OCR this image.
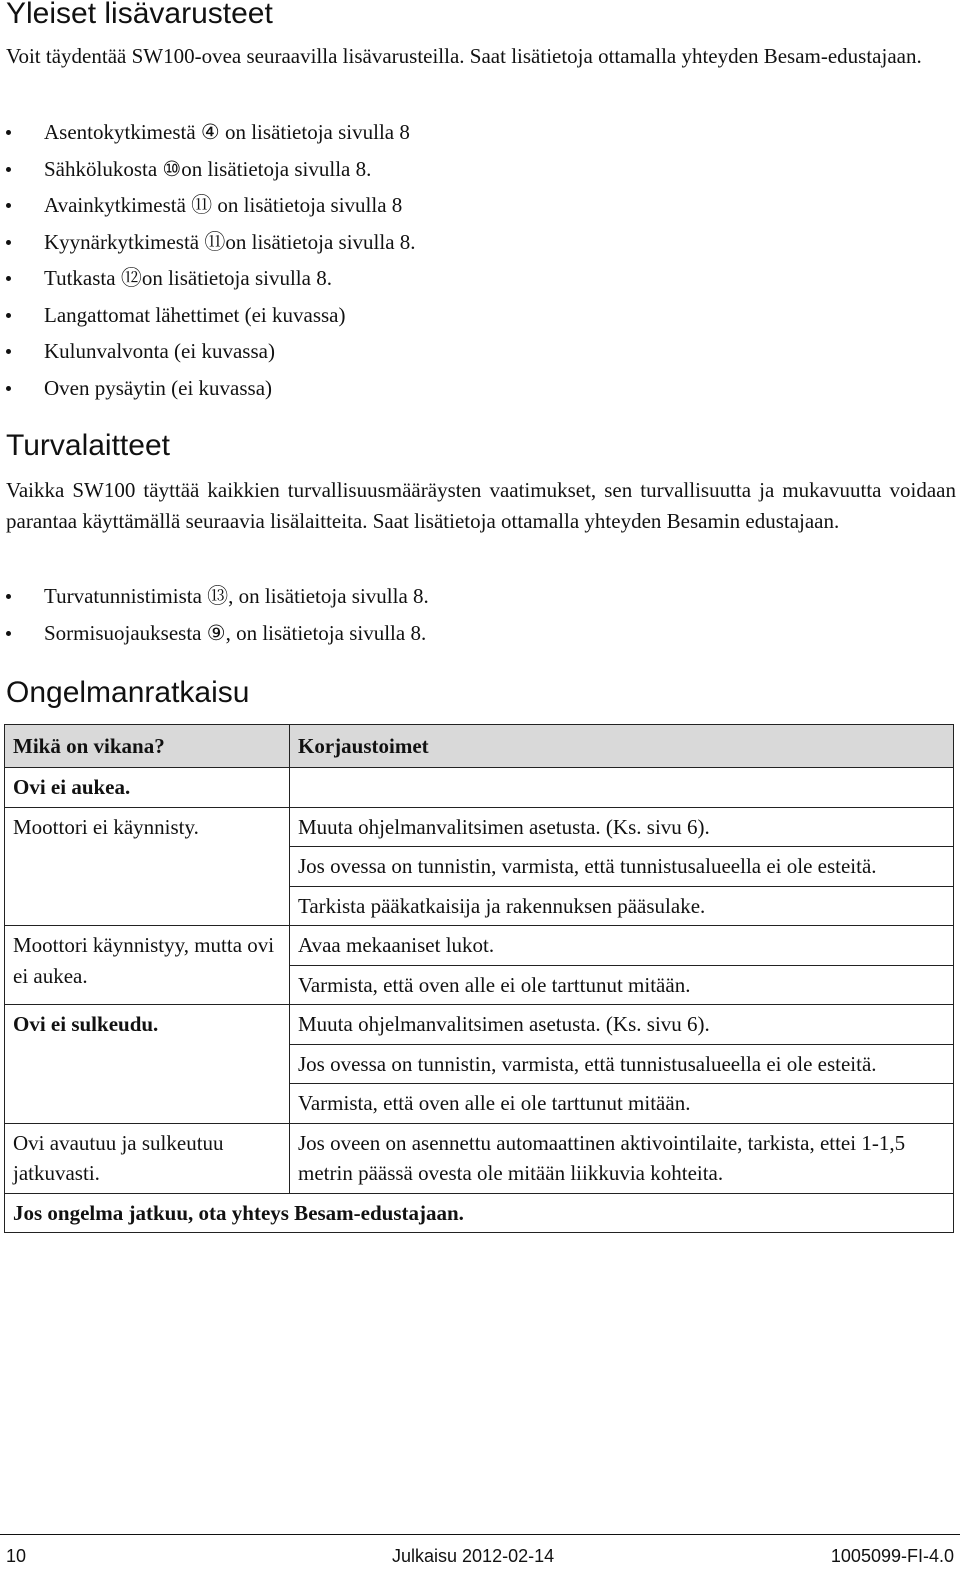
Yleiset lisävarusteet

Voit täydentää SW100-ovea seuraavilla lisävarusteilla. Saat lisätietoja ottamalla yhteyden Besam-edustajaan.

Asentokytkimestä ④ on lisätietoja sivulla 8
Sähkölukosta ⑩on lisätietoja sivulla 8.
Avainkytkimestä ⑪ on lisätietoja sivulla 8
Kyynärkytkimestä ⑪on lisätietoja sivulla 8.
Tutkasta ⑫on lisätietoja sivulla 8.
Langattomat lähettimet (ei kuvassa)
Kulunvalvonta (ei kuvassa)
Oven pysäytin (ei kuvassa)
Turvalaitteet

Vaikka SW100 täyttää kaikkien turvallisuusmääräysten vaatimukset, sen turvallisuutta ja mukavuutta voidaan parantaa käyttämällä seuraavia lisälaitteita. Saat lisätietoja ottamalla yhteyden Besamin edustajaan.

Turvatunnistimista ⑬, on lisätietoja sivulla 8.
Sormisuojauksesta ⑨, on lisätietoja sivulla 8.
Ongelmanratkaisu
Mikä on vikana?	Korjaustoimet
Ovi ei aukea.	
Moottori ei käynnisty.	Muuta ohjelmanvalitsimen asetusta. (Ks. sivu 6).
	Jos ovessa on tunnistin, varmista, että tunnistusalueella ei ole esteitä.
	Tarkista pääkatkaisija ja rakennuksen pääsulake.
Moottori käynnistyy, mutta ovi ei aukea.	Avaa mekaaniset lukot.
	Varmista, että oven alle ei ole tarttunut mitään.
Ovi ei sulkeudu.	Muuta ohjelmanvalitsimen asetusta. (Ks. sivu 6).
	Jos ovessa on tunnistin, varmista, että tunnistusalueella ei ole esteitä.
	Varmista, että oven alle ei ole tarttunut mitään.
Ovi avautuu ja sulkeutuu jatkuvasti.	Jos oveen on asennettu automaattinen aktivointilaite, tarkista, ettei 1-1,5 metrin päässä ovesta ole mitään liikkuvia kohteita.
Jos ongelma jatkuu, ota yhteys Besam-edustajaan.	
10	Julkaisu 2012-02-14	1005099-FI-4.0
